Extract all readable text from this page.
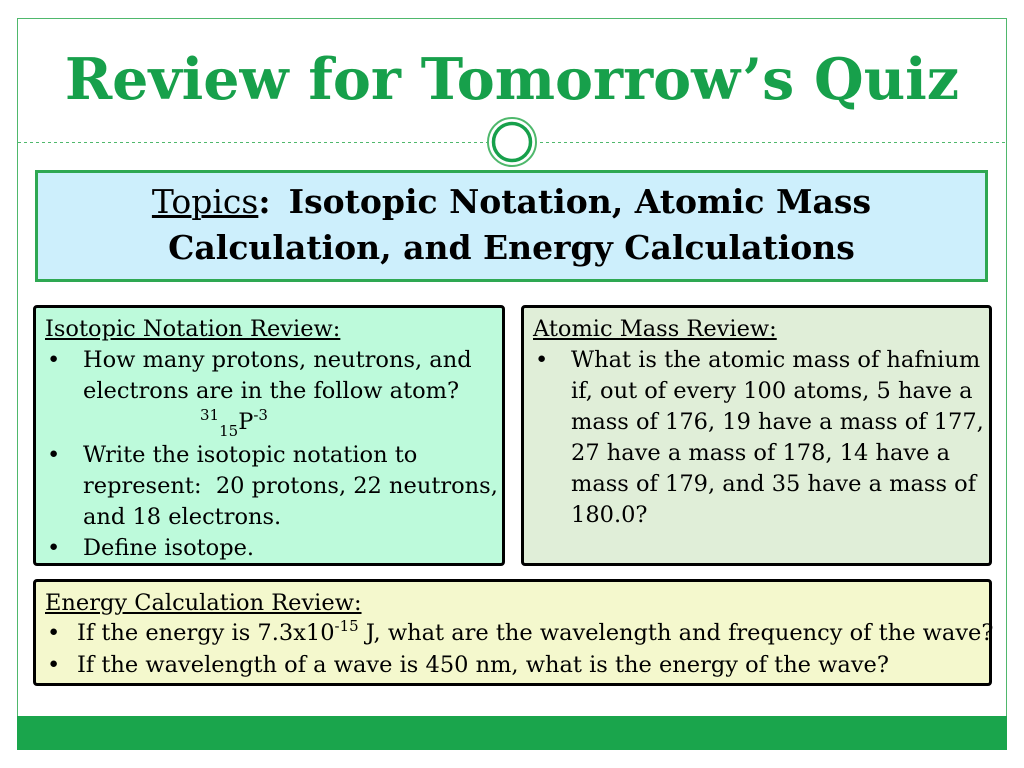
Review for Tomorrow’s Quiz
Topics: Isotopic Notation, Atomic Mass
Calculation, and Energy Calculations
Isotopic Notation Review:
• How many protons, neutrons, and
electrons are in the follow atom?
$^{31}_{15}P^{-3}$
• Write the isotopic notation to
represent:  20 protons, 22 neutrons,
and 18 electrons.
• Define isotope.
Atomic Mass Review:
• What is the atomic mass of hafnium
if, out of every 100 atoms, 5 have a
mass of 176, 19 have a mass of 177,
27 have a mass of 178, 14 have a
mass of 179, and 35 have a mass of
180.0?
Energy Calculation Review:
• If the energy is $7.3x10^{-15}$ J, what are the wavelength and frequency of the wave?
• If the wavelength of a wave is 450 nm, what is the energy of the wave?
